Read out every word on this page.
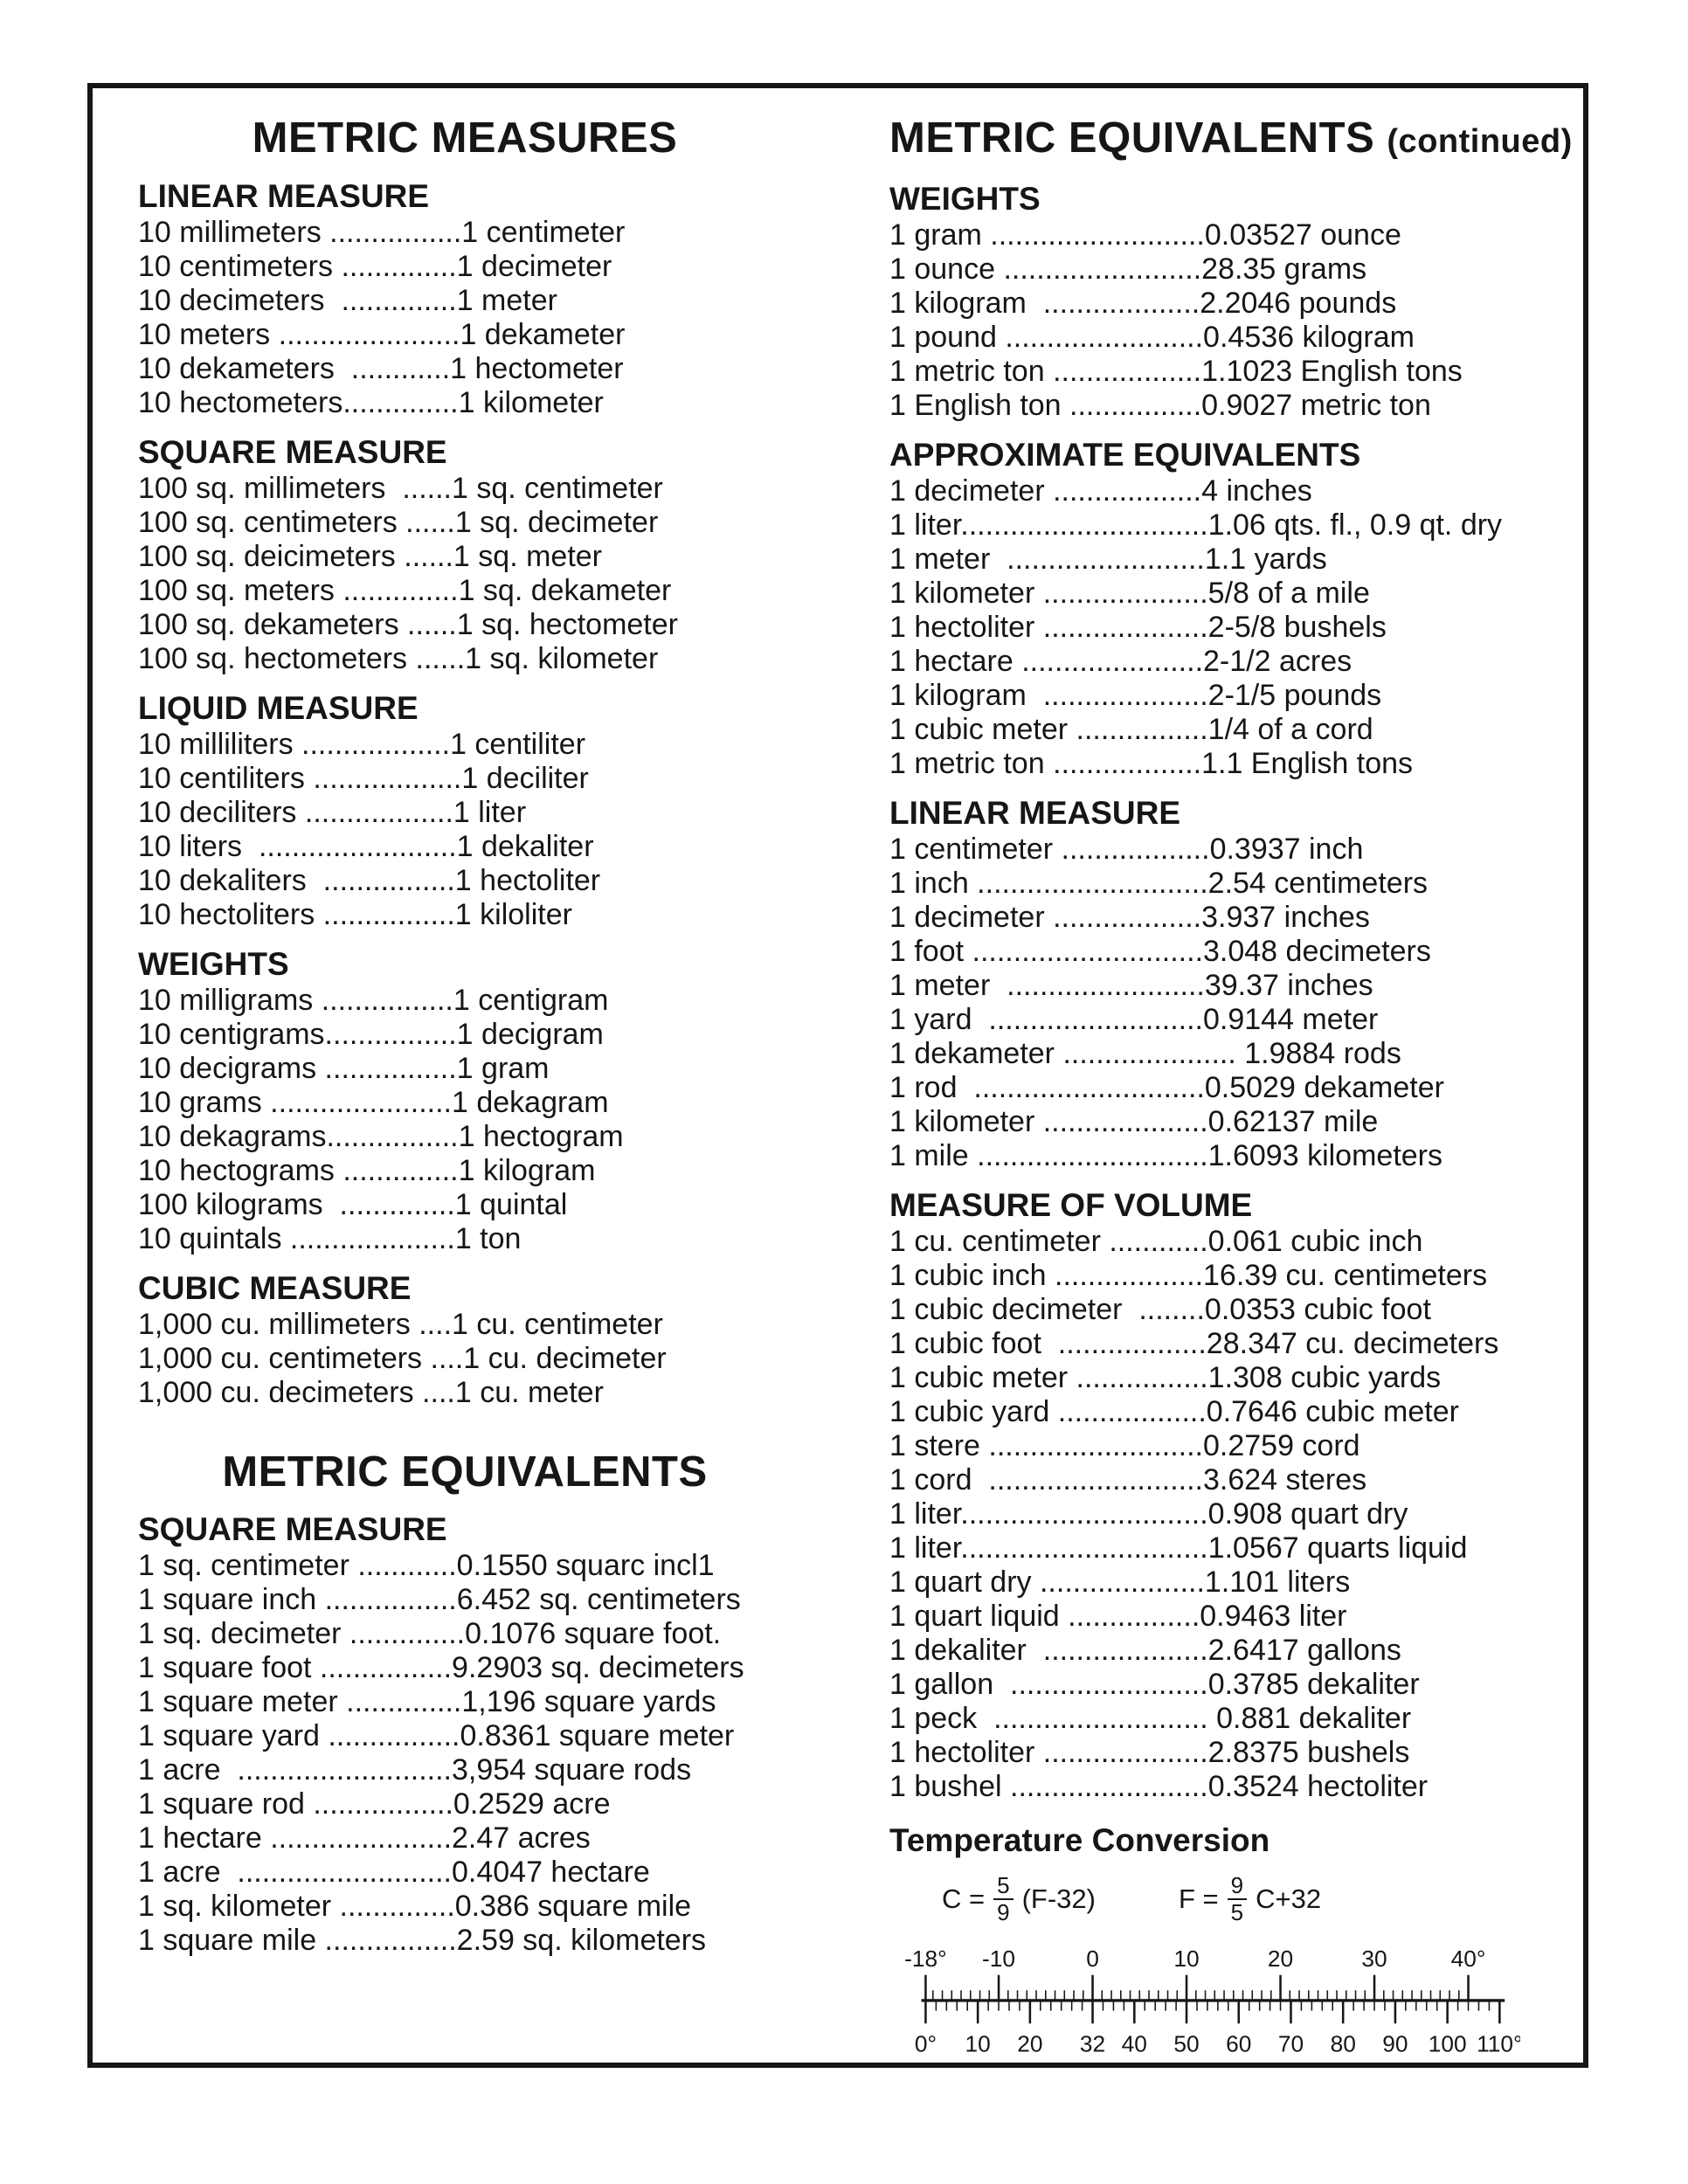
METRIC MEASURES
LINEAR MEASURE
10 millimeters ................1 centimeter
10 centimeters ..............1 decimeter
10 decimeters  ..............1 meter
10 meters ......................1 dekameter
10 dekameters  ............1 hectometer
10 hectometers..............1 kilometer
SQUARE MEASURE
100 sq. millimeters  ......1 sq. centimeter
100 sq. centimeters ......1 sq. decimeter
100 sq. deicimeters ......1 sq. meter
100 sq. meters ..............1 sq. dekameter
100 sq. dekameters ......1 sq. hectometer
100 sq. hectometers ......1 sq. kilometer
LIQUID MEASURE
10 milliliters ..................1 centiliter
10 centiliters ..................1 deciliter
10 deciliters ..................1 liter
10 liters  ........................1 dekaliter
10 dekaliters  ................1 hectoliter
10 hectoliters ................1 kiloliter
WEIGHTS
10 milligrams ................1 centigram
10 centigrams................1 decigram
10 decigrams ................1 gram
10 grams ......................1 dekagram
10 dekagrams................1 hectogram
10 hectograms ..............1 kilogram
100 kilograms  ..............1 quintal
10 quintals ....................1 ton
CUBIC MEASURE
1,000 cu. millimeters ....1 cu. centimeter
1,000 cu. centimeters ....1 cu. decimeter
1,000 cu. decimeters ....1 cu. meter
METRIC EQUIVALENTS
SQUARE MEASURE
1 sq. centimeter ............0.1550 squarc incl1
1 square inch ................6.452 sq. centimeters
1 sq. decimeter ..............0.1076 square foot.
1 square foot ................9.2903 sq. decimeters
1 square meter ..............1,196 square yards
1 square yard ................0.8361 square meter
1 acre  ..........................3,954 square rods
1 square rod .................0.2529 acre
1 hectare ......................2.47 acres
1 acre  ..........................0.4047 hectare
1 sq. kilometer ..............0.386 square mile
1 square mile ................2.59 sq. kilometers
METRIC EQUIVALENTS (continued)
WEIGHTS
1 gram ..........................0.03527 ounce
1 ounce ........................28.35 grams
1 kilogram  ...................2.2046 pounds
1 pound ........................0.4536 kilogram
1 metric ton ..................1.1023 English tons
1 English ton ................0.9027 metric ton
APPROXIMATE EQUIVALENTS
1 decimeter ..................4 inches
1 liter..............................1.06 qts. fl., 0.9 qt. dry
1 meter  ........................1.1 yards
1 kilometer ....................5/8 of a mile
1 hectoliter ....................2-5/8 bushels
1 hectare ......................2-1/2 acres
1 kilogram  ....................2-1/5 pounds
1 cubic meter ................1/4 of a cord
1 metric ton ..................1.1 English tons
LINEAR MEASURE
1 centimeter ..................0.3937 inch
1 inch ............................2.54 centimeters
1 decimeter ..................3.937 inches
1 foot ............................3.048 decimeters
1 meter  ........................39.37 inches
1 yard  ..........................0.9144 meter
1 dekameter ..................... 1.9884 rods
1 rod  ............................0.5029 dekameter
1 kilometer ....................0.62137 mile
1 mile ............................1.6093 kilometers
MEASURE OF VOLUME
1 cu. centimeter ............0.061 cubic inch
1 cubic inch ..................16.39 cu. centimeters
1 cubic decimeter  ........0.0353 cubic foot
1 cubic foot  ..................28.347 cu. decimeters
1 cubic meter ................1.308 cubic yards
1 cubic yard ..................0.7646 cubic meter
1 stere ..........................0.2759 cord
1 cord  ..........................3.624 steres
1 liter..............................0.908 quart dry
1 liter..............................1.0567 quarts liquid
1 quart dry ....................1.101 liters
1 quart liquid ................0.9463 liter
1 dekaliter  ....................2.6417 gallons
1 gallon  ........................0.3785 dekaliter
1 peck  .......................... 0.881 dekaliter
1 hectoliter ....................2.8375 bushels
1 bushel ........................0.3524 hectoliter
Temperature Conversion
$C = \frac{5}{9} (F-32)$	$F = \frac{9}{5} C+32$
-18° -10	0	10	20	30	40°
0° 10 20 32 40 50 60 70 80 90 100 110°
